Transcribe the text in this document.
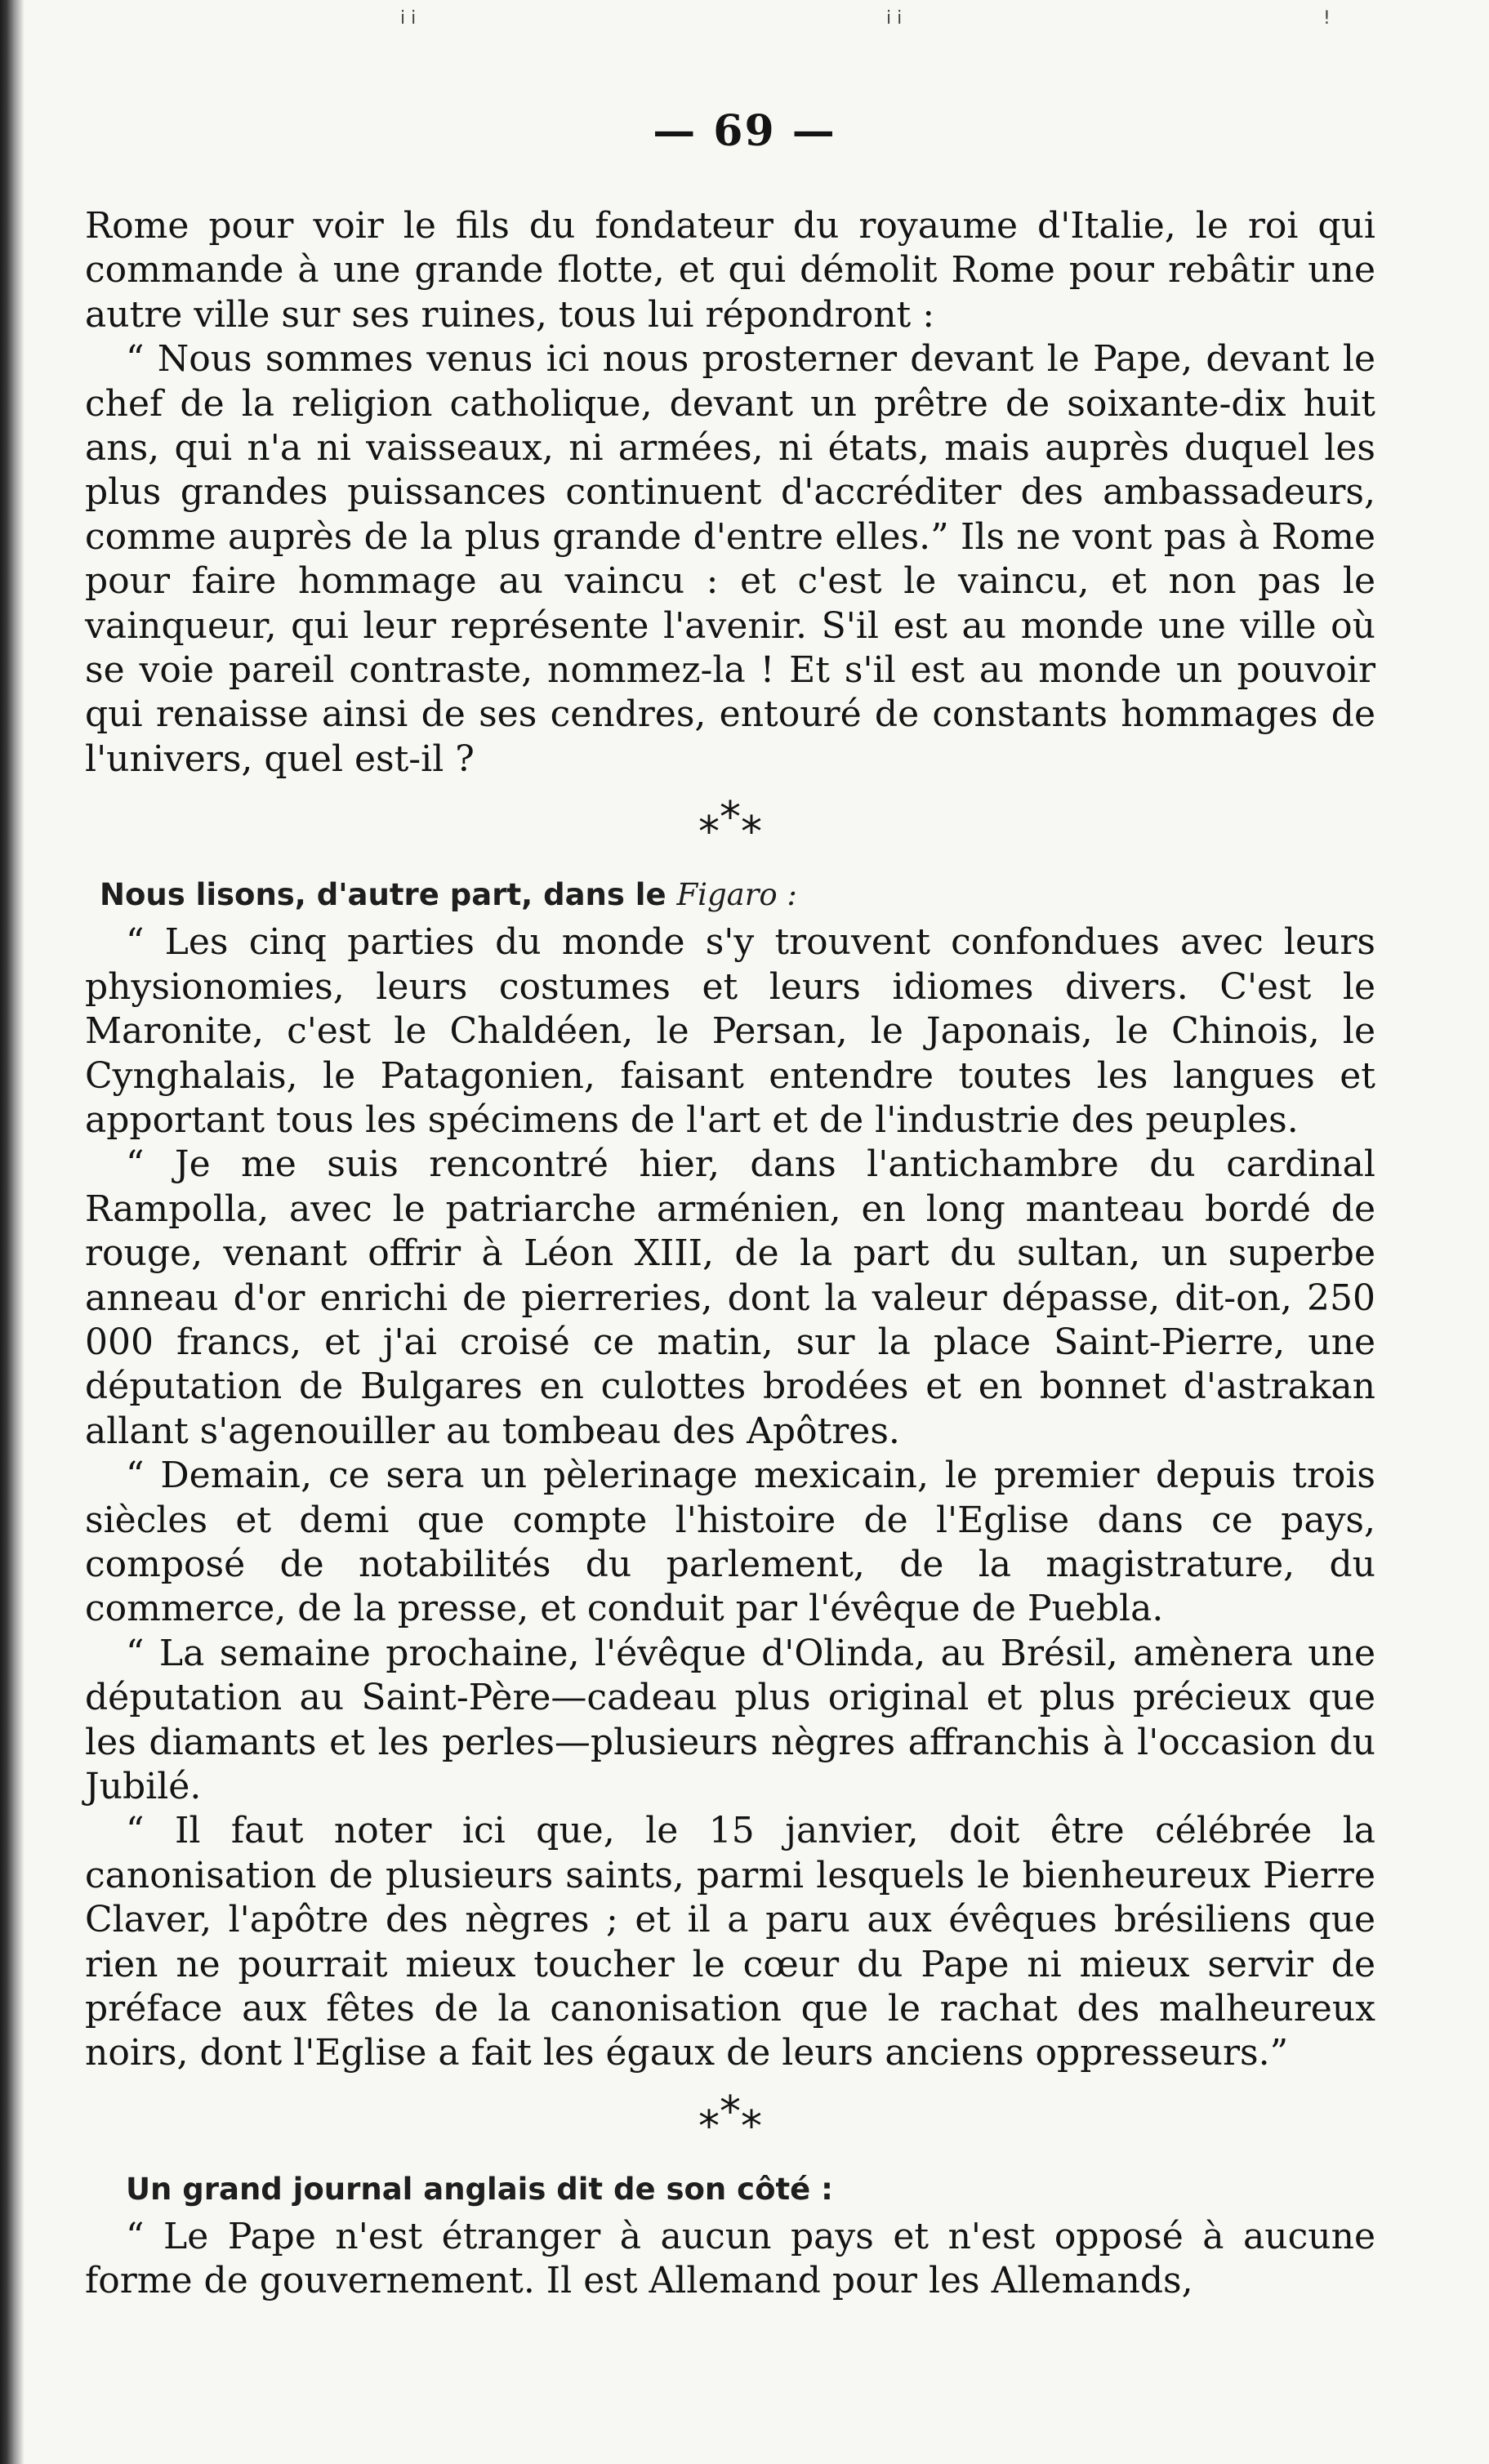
i i	i i	!
— 69 —

Rome pour voir le fils du fondateur du royaume d'Italie, le roi qui commande à une grande flotte, et qui démolit Rome pour rebâtir une autre ville sur ses ruines, tous lui répondront :

“ Nous sommes venus ici nous prosterner devant le Pape, devant le chef de la religion catholique, devant un prêtre de soixante-dix huit ans, qui n'a ni vaisseaux, ni armées, ni états, mais auprès duquel les plus grandes puissances continuent d'accréditer des ambassadeurs, comme auprès de la plus grande d'entre elles.” Ils ne vont pas à Rome pour faire hommage au vaincu : et c'est le vaincu, et non pas le vainqueur, qui leur représente l'avenir. S'il est au monde une ville où se voie pareil contraste, nommez-la ! Et s'il est au monde un pouvoir qui renaisse ainsi de ses cendres, entouré de constants hommages de l'univers, quel est-il ?

***

Nous lisons, d'autre part, dans le Figaro :

“ Les cinq parties du monde s'y trouvent confondues avec leurs physionomies, leurs costumes et leurs idiomes divers. C'est le Maronite, c'est le Chaldéen, le Persan, le Japonais, le Chinois, le Cynghalais, le Patagonien, faisant entendre toutes les langues et apportant tous les spécimens de l'art et de l'industrie des peuples.

“ Je me suis rencontré hier, dans l'antichambre du cardinal Rampolla, avec le patriarche arménien, en long manteau bordé de rouge, venant offrir à Léon XIII, de la part du sultan, un superbe anneau d'or enrichi de pierreries, dont la valeur dépasse, dit-on, 250 000 francs, et j'ai croisé ce matin, sur la place Saint-Pierre, une députation de Bulgares en culottes brodées et en bonnet d'astrakan allant s'agenouiller au tombeau des Apôtres.

“ Demain, ce sera un pèlerinage mexicain, le premier depuis trois siècles et demi que compte l'histoire de l'Eglise dans ce pays, composé de notabilités du parlement, de la magistrature, du commerce, de la presse, et conduit par l'évêque de Puebla.

“ La semaine prochaine, l'évêque d'Olinda, au Brésil, amènera une députation au Saint-Père—cadeau plus original et plus précieux que les diamants et les perles—plusieurs nègres affranchis à l'occasion du Jubilé.

“ Il faut noter ici que, le 15 janvier, doit être célébrée la canonisation de plusieurs saints, parmi lesquels le bienheureux Pierre Claver, l'apôtre des nègres ; et il a paru aux évêques brésiliens que rien ne pourrait mieux toucher le cœur du Pape ni mieux servir de préface aux fêtes de la canonisation que le rachat des malheureux noirs, dont l'Eglise a fait les égaux de leurs anciens oppresseurs.”

***

Un grand journal anglais dit de son côté :

“ Le Pape n'est étranger à aucun pays et n'est opposé à aucune forme de gouvernement. Il est Allemand pour les Allemands,
